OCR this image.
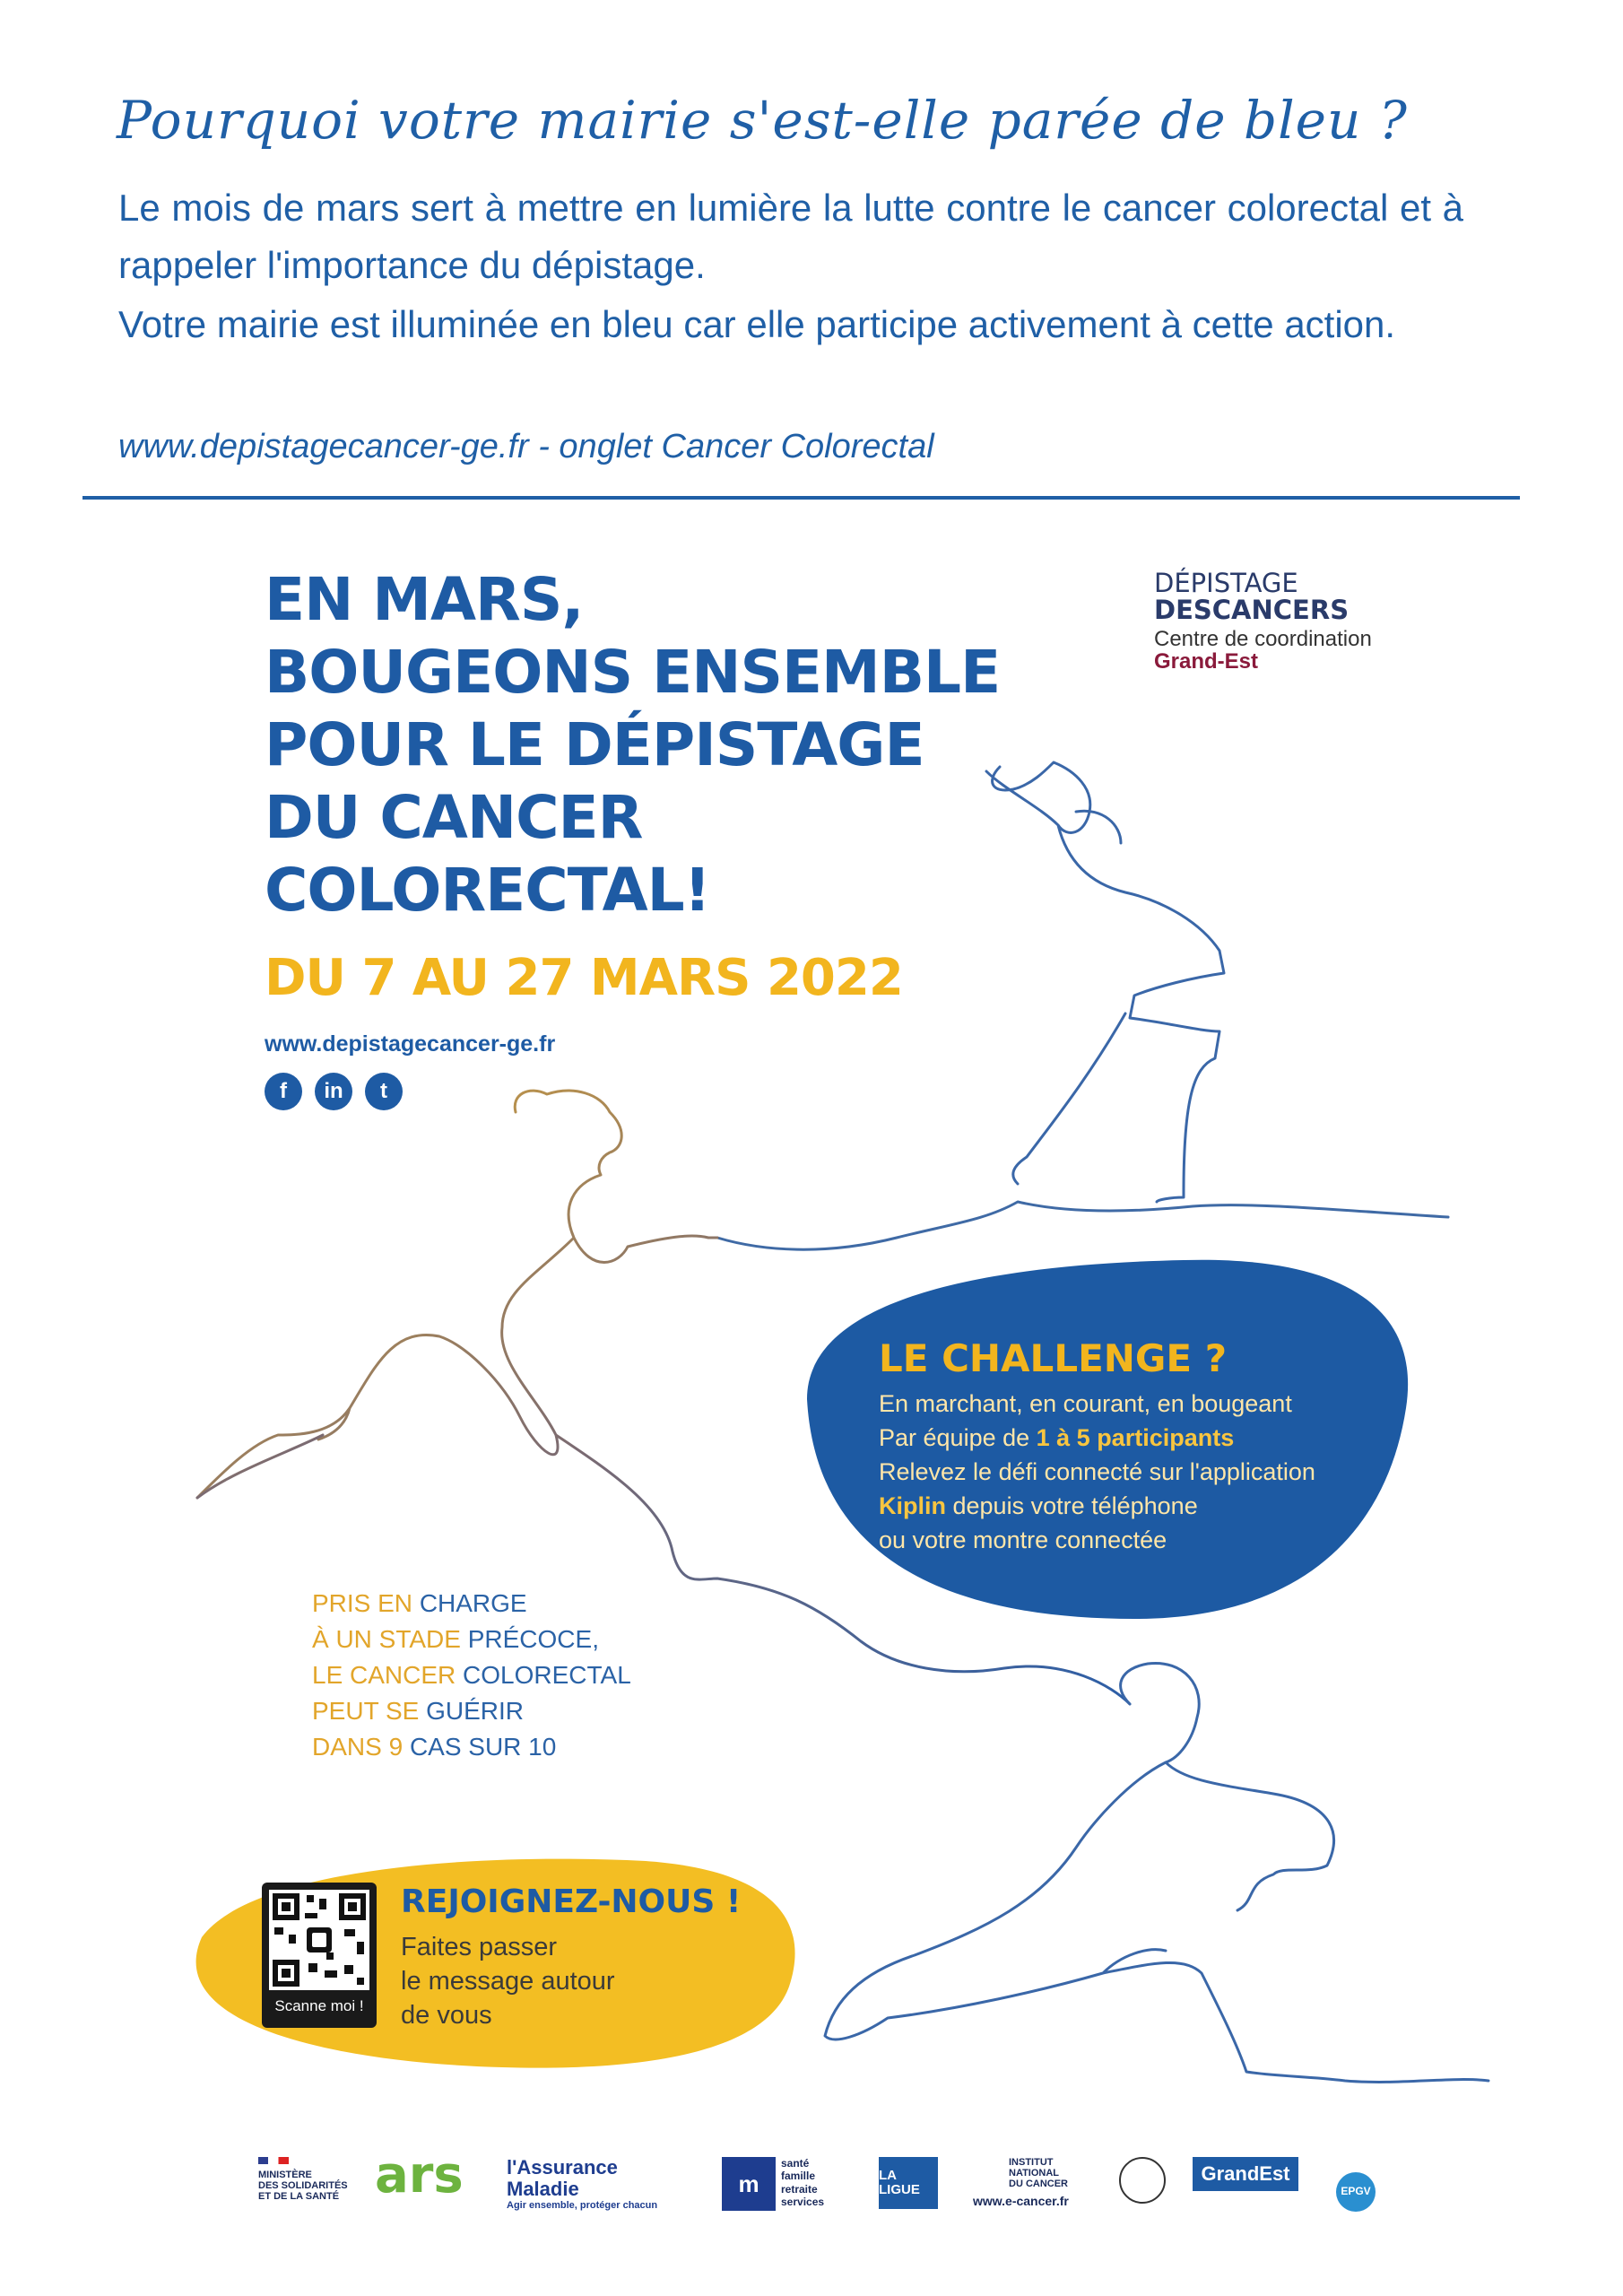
Pourquoi votre mairie s'est-elle parée de bleu ?
Le mois de mars sert à mettre en lumière la lutte contre le cancer colorectal et à rappeler l'importance du dépistage.
Votre mairie est illuminée en bleu car elle participe activement à cette action.
www.depistagecancer-ge.fr - onglet Cancer Colorectal
EN MARS,
BOUGEONS ENSEMBLE
POUR LE DÉPISTAGE
DU CANCER
COLORECTAL!
DU 7 AU 27 MARS 2022
www.depistagecancer-ge.fr
f	in	t
DÉPISTAGE
DESCANCERS
Centre de coordination
Grand-Est
LE CHALLENGE ?
En marchant, en courant, en bougeant
Par équipe de 1 à 5 participants
Relevez le défi connecté sur l'application
Kiplin depuis votre téléphone
ou votre montre connectée
PRIS EN CHARGE
À UN STADE PRÉCOCE,
LE CANCER COLORECTAL
PEUT SE GUÉRIR
DANS 9 CAS SUR 10
Scanne moi !
REJOIGNEZ-NOUS !
Faites passer
le message autour
de vous
MINISTÈRE
DES SOLIDARITÉS
ET DE LA SANTÉ ars l'Assurance
Maladie
Agir ensemble, protéger chacun
m
santé
famille
retraite
services
LA LIGUE
INSTITUT
NATIONAL
DU CANCER
www.e-cancer.fr
GrandEst
EPGV
